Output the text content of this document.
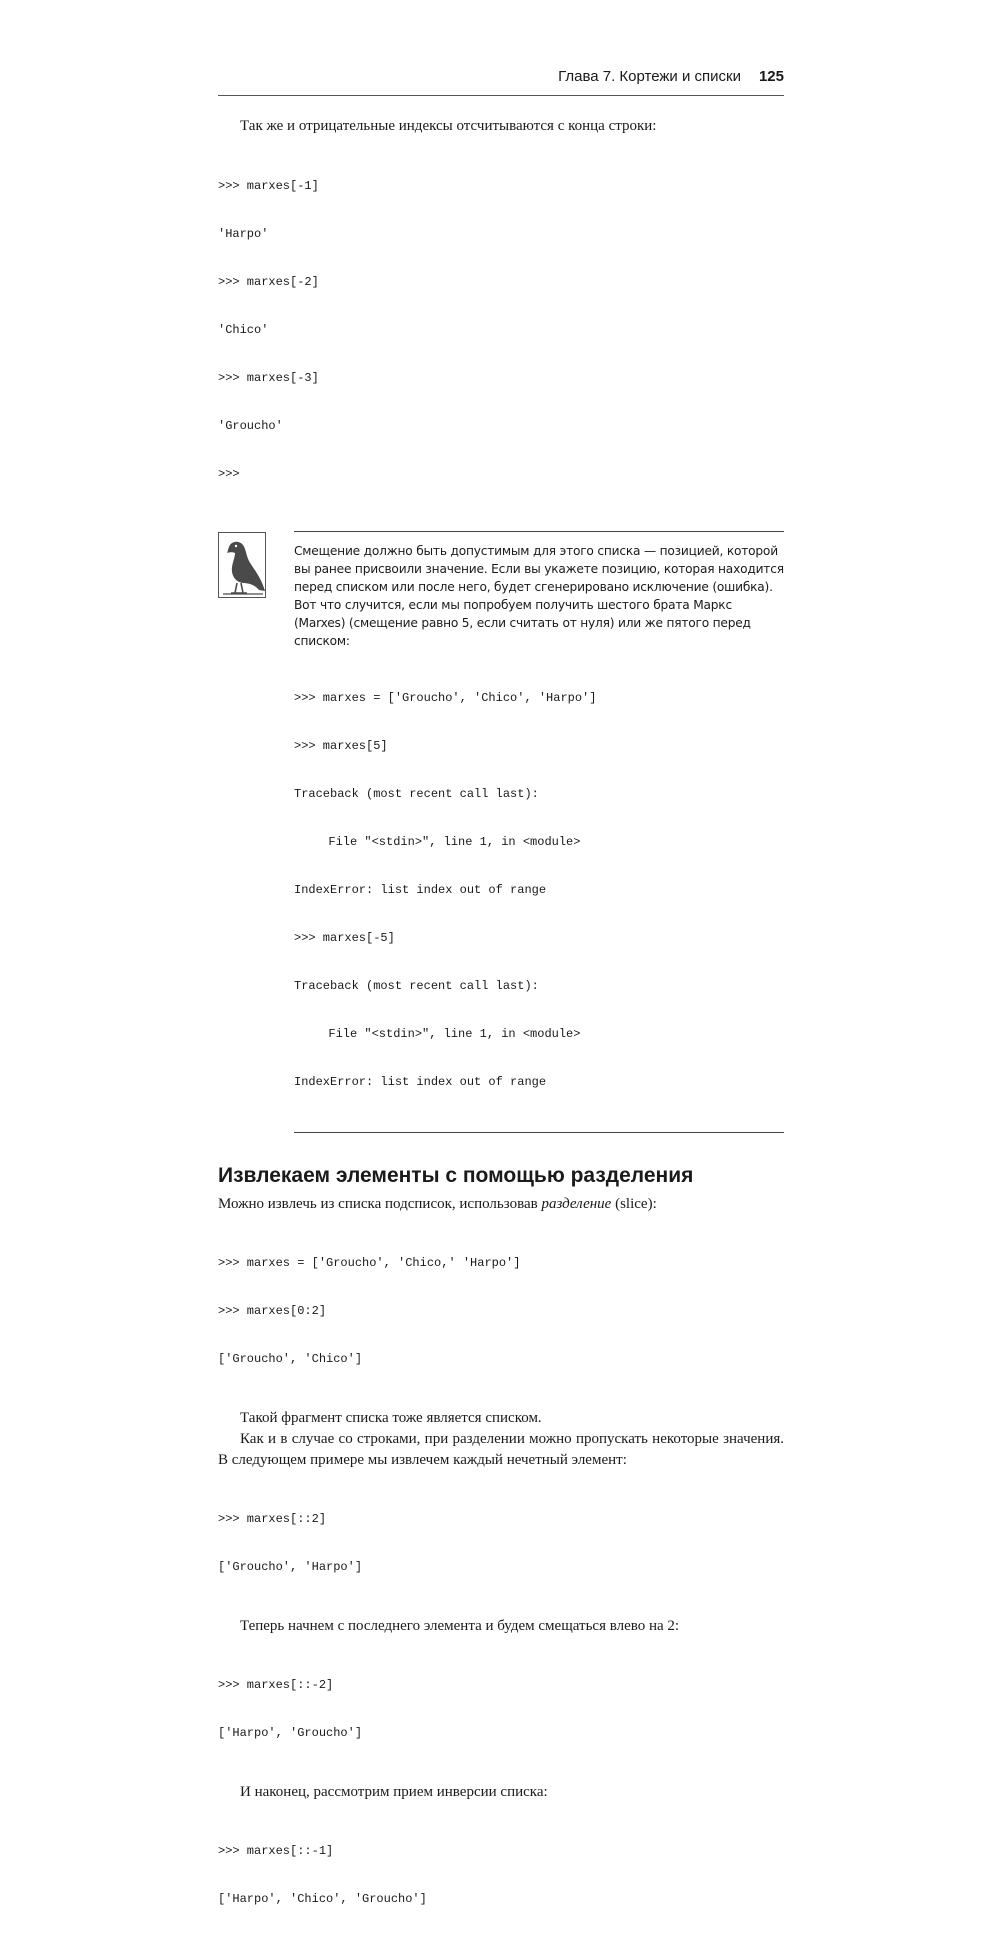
Глава 7. Кортежи и списки 125

Так же и отрицательные индексы отсчитываются с конца строки:

>>> marxes[-1]

'Harpo'

>>> marxes[-2]

'Chico'

>>> marxes[-3]

'Groucho'

>>>

Смещение должно быть допустимым для этого списка — позицией, которой вы ранее присвоили значение. Если вы укажете позицию, которая находится перед списком или после него, будет сгенерировано исключение (ошибка). Вот что случится, если мы попробуем получить шестого брата Маркс (Marxes) (смещение равно 5, если считать от нуля) или же пятого перед списком:

>>> marxes = ['Groucho', 'Chico', 'Harpo']

>>> marxes[5]

Traceback (most recent call last):

File "<stdin>", line 1, in <module>

IndexError: list index out of range

>>> marxes[-5]

Traceback (most recent call last):

File "<stdin>", line 1, in <module>

IndexError: list index out of range

Извлекаем элементы с помощью разделения

Можно извлечь из списка подсписок, использовав разделение (slice):

>>> marxes = ['Groucho', 'Chico,' 'Harpo']

>>> marxes[0:2]

['Groucho', 'Chico']

Такой фрагмент списка тоже является списком.

Как и в случае со строками, при разделении можно пропускать некоторые значения. В следующем примере мы извлечем каждый нечетный элемент:

>>> marxes[::2]

['Groucho', 'Harpo']

Теперь начнем с последнего элемента и будем смещаться влево на 2:

>>> marxes[::-2]

['Harpo', 'Groucho']

И наконец, рассмотрим прием инверсии списка:

>>> marxes[::-1]

['Harpo', 'Chico', 'Groucho']
